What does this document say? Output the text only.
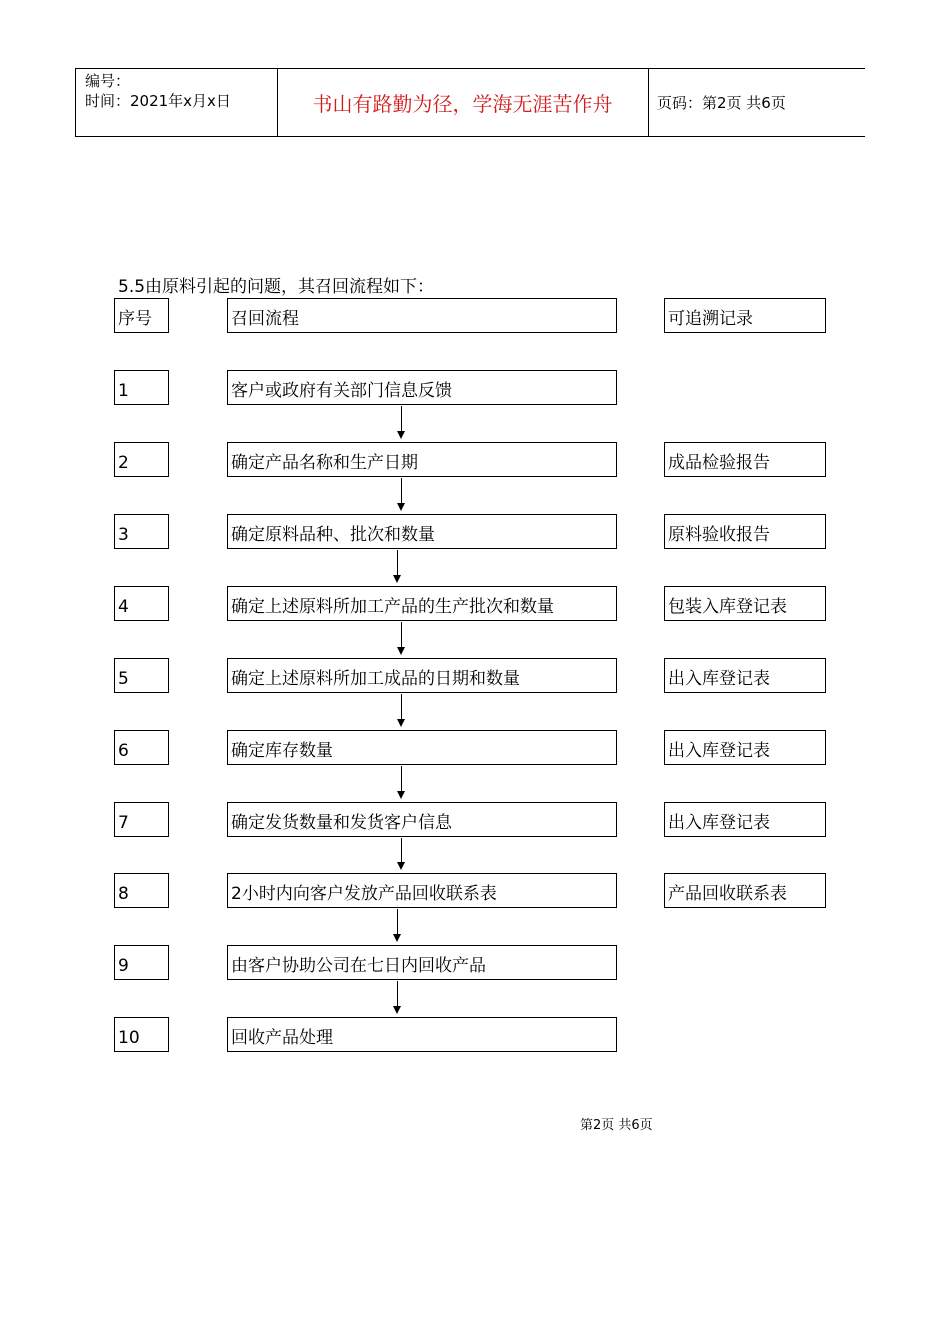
编号：
时间：2021年x月x日	书山有路勤为径，学海无涯苦作舟	页码：第2页 共6页
5.5由原料引起的问题，其召回流程如下：
序号	召回流程	可追溯记录
1	客户或政府有关部门信息反馈
2	确定产品名称和生产日期	成品检验报告
3	确定原料品种、批次和数量	原料验收报告
4	确定上述原料所加工产品的生产批次和数量	包装入库登记表
5	确定上述原料所加工成品的日期和数量	出入库登记表
6	确定库存数量	出入库登记表
7	确定发货数量和发货客户信息	出入库登记表
8	2小时内向客户发放产品回收联系表	产品回收联系表
9	由客户协助公司在七日内回收产品
10	回收产品处理
第2页 共6页
